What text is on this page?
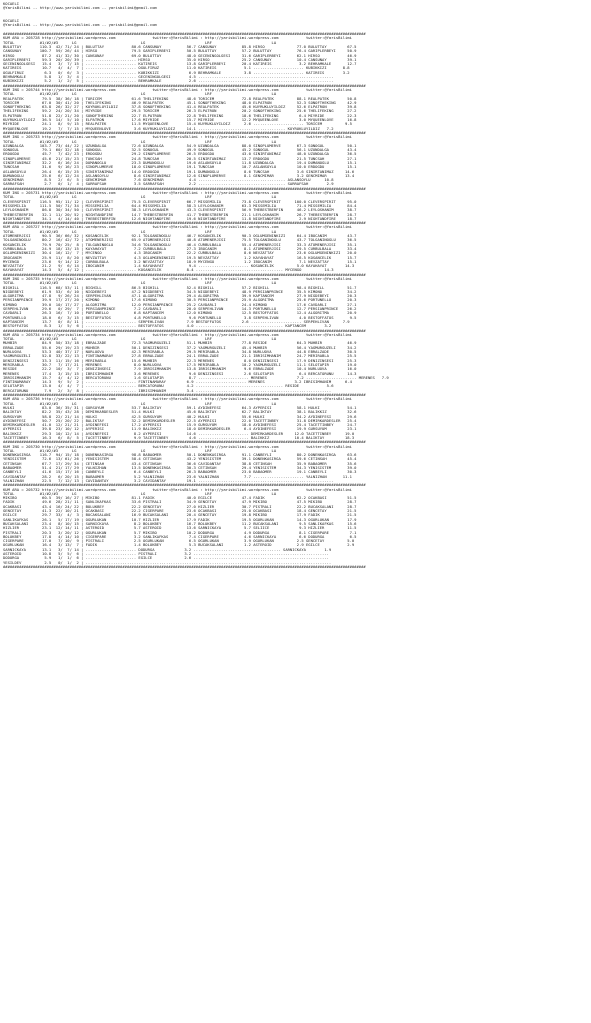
KOCAELI
@YarisBilimi -- http://www.yarisbilimi.com -- yarisbilimi@gmail.com

KOCAELI
@YarisBilimi -- http://www.yarisbilimi.com -- yarisbilimi@gmail.com

##############################################################################################################################################################
KUM ARA = 205728 http://yarisbilimi.wordpress.com                twitter:@YarisBilimi : http://yarisbilimi.wordpress.com            twitter:@YarisBilimi
TOTAL           #1/#2/#3      LG                            LG                          LRF                          LA
BULUTTAY        110.3  42/ 71/ 24 | BULUTTAY            80.6 CANSUNAY           56.7 CANSUNAY           85.8 HIRSO              77.0 BULUTTAY         67.5
CANSUNAY        100.7  59/ 26/ 44 | HIRSO               79.5 GARIPLERBEYI       50.5 BULUTTAY           57.2 BULUTTAY           76.4 GARIPLERBEYI     50.9
HIRSO            87.2  41/ 32/ 30 | CANSUNAY            69.0 BULUTTAY           48.0 GECENINGOLGESI     31.6 GARIPLERBEYI       62.1 HIRSO            46.9
GARIPLERBEYI     59.3  20/ 20/ 39 | ...................... HIRSO                35.0 HIRSO              25.2 CANSUNAY           10.4 CANSUNAY         39.1
GECENINGOLGESI   15.4   3/  7/ 15 | ...................... KATIREIS             13.8 GARIPLERBEYI       20.4 KATIREIS            3.2 BEHRAMKALE       12.7
KATIREIS         10.7   4/  4/  7 | ...................... OGULFIRUZ            11.0 KATIREIS            5.1 ...................... KUBIKKIZI       8.8
OGULFIRUZ         6.3   0/  6/  3 | ...................... KUBIKKIZI             6.9 BEHRAMKALE          3.8 ...................... KATIREIS        3.2
BEHRAMKALE        5.8   1/  3/  4 | ...................... GECENINGOLGESI        4.5 ...........................................................
KUBIKKIZI         5.2   1/  2/  5 | ...................... BEHRAMKALE            2.6 ...........................................................
##############################################################################################################################################################
KUM ING = 205744 http://yarisbilimi.wordpress.com                twitter:@YarisBilimi : http://yarisbilimi.wordpress.com            twitter:@YarisBilimi
TOTAL           #1/#2/#3      LG                            LG                          LRF                          LA
REALPATEK        79.5  38/ 36/ 18 | TORICEM             61.6 THELIFEKING        48.6 TORICEM            72.8 REALPATEK          88.1 REALPATEK        50.8
TORICEM          67.0  30/ 41/ 20 | THELIFEKING         46.9 REALPATEK          45.1 SONOFTHEKING       48.0 ELPATRON           52.3 SONOFTHEKING     42.9
SONOFTHEKING     63.8  26/ 32/ 27 | KUYRUKLUYILDIZ      37.8 SONOFTHEKING       41.4 REALPATEK          45.6 KUYRUKLUYILDIZ     52.6 ELPATRON         39.8
THELIFEKING      59.2  24/ 20/ 34 | MIYRIDE             29.5 TORICEM            26.3 ELPATRON           20.2 SONOFTHEKING       25.6 THELIFEKING      27.2
ELPATRON         51.8  22/ 21/ 20 | SONOFTHEKING        22.7 ELPATRON           22.8 THELIFEKING        18.6 THELIFEKING         6.4 MIYRIDE          22.3
KUYRUKLUYILDIZ   36.5  14/  5/ 10 | ELPATRON            17.6 MIYRIDE            15.7 MIYRIDE            12.2 MYQUEENLOVE         3.0 MYQUEENLOVE      16.8
MIYRIDE          24.1   8/  9/ 15 | REALPATEK           11.5 MYQUEENLOVE        15.4 KUYRUKLUYILDIZ      2.6 ...................... TORICEM          9.5
MYQUEENLOVE      19.2   7/  7/ 15 | MYQUEENLOVE          3.6 KUYRUKLUYILDIZ     14.1 ...................................... KUYRUKLUYILDIZ   7.2
##############################################################################################################################################################
KUM ING = 205733 http://yarisbilimi.wordpress.com                twitter:@YarisBilimi : http://yarisbilimi.wordpress.com            twitter:@YarisBilimi
TOTAL           #1/#2/#3      LG                            LG                          LRF                          LA
UZUNDALGA       103.7  73/ 44/ 22 | UZUNDALGA           72.6 UZUNDALGA          54.9 UZUNDALGA          88.0 SINOPLUMERVE       67.3 SONOGUL          50.1
SONOGUL          79.1  60/ 32/ 18 | SONOGUL             32.5 SONOGUL            49.9 SONOGUL            45.2 SONOGUL            56.1 UZUNDALGA        43.4
ERDOGDU          45.7   7/ 42/ 23 | ERDOGDU             29.2 SINOPLUMERVE       26.5 ERDOGDU            43.0 SINIRTANIMAZ       48.0 UZUNDALGA        36.5
SINOPLUMERVE     45.6  21/ 15/ 23 | TUNCSAH             24.8 TUNCSAH            20.5 SINIRTANIMAZ       13.7 ERDOGDU            21.5 TUNCSAH          27.1
SINIRTANIMAZ     32.2   6/ 16/ 24 | DUMANOGLU           23.3 DUMANOGLU          19.6 ASLANSOYLU         11.8 UZUNDALGA          19.4 DUMANOGLU        15.1
TUNCSAH          31.6   9/ 16/ 23 | SINOPLUMERVE        18.0 SINOPLUMERVE       19.1 TUNCSAH            10.7 ASLANSOYLU         10.0 ERDOGDU          15.1
ASLANSOYLU       26.4   6/ 15/ 25 | SINIRTANIMAZ        14.0 ERDOGDU            19.1 DUMANOGLU           8.6 TUNCSAH            3.6 SINIRTANIMAZ     14.6
DUMANOGLU        25.6   6/ 12/ 24 | ASLANSOYLU           8.6 SINIRTANIMAZ       12.6 SINOPLUMERVE        8.1 GENCMIMAR          3.2 GENCMIMAR        13.4
GENCMIMAR         8.5   2/  6/  5 | GENCMIMAR            7.6 GENCMIMAR           4.4 ...................................... ASLANSOYLU      10.8
SARRAFSAH         2.7   0/  1/  4 | SARRAFSAH            3.5 SARRAFSAH           2.2 ...................................... SARRAFSAH        2.9
##############################################################################################################################################################
KUM ING = 205731 http://yarisbilimi.wordpress.com                twitter:@YarisBilimi : http://yarisbilimi.wordpress.com            twitter:@YarisBilimi
TOTAL           #1/#2/#3      LG                            LG                          LRF                          LA
CLEVERSPIRIT    116.5  95/ 11/ 12 | CLEVERSPIRIT        75.5 CLEVERSPIRIT       66.7 MISSEMILIA         73.8 CLEVERSPIRIT      100.0 CLEVERSPIRIT     95.0
MISSEMILIA      111.5  50/ 71/ 34 | MISSEMILIA          64.4 MISSEMILIA         58.3 LEYLOSHANIM        63.3 MISSEMILIA         71.4 MISSEMILIA       84.4
LEYLOSHANIM      86.8  30/ 34/ 50 | CLEVERSPIRIT        38.3 LEYLOSHANIM        43.3 CLEVERSPIRIT       56.9 THEBESTBERFIN      46.2 LEYLOSHANIM      38.7
THEBESTBERFIN    32.1  11/ 20/ 52 | NIGHTANDFIRE        14.7 THEBESTBERFIN      41.7 THEBESTBERFIN      21.1 LEYLOSHANIM        26.7 THEBESTBERFIN    28.7
NIGHTANDFIRE     34.1   4/ 14/ 40 | THEBESTBERFIN       12.6 NIGHTANDFIRE       19.6 NIGHTANDFIRE       11.8 NIGHTANDFIRE        2.9 NIGHTANDFIRE     18.7
##############################################################################################################################################################
KUM ARA = 205727 http://yarisbilimi.wordpress.com                twitter:@YarisBilimi : http://yarisbilimi.wordpress.com            twitter:@YarisBilimi
TOTAL           #1/#2/#3      LG                            LG                          LRF                          LA
ATOMENERJISI     90.5  36/ 66/ 32 | KOSANCELIK          92.1 TOLGANINOGLU       46.7 KOSANCELIK         90.3 OGLUMGENINKIZI     64.4 IBOCANIM         43.7
TOLGANINOGLU     80.2  16/ 42/ 72 | ATOMENERJISI        65.9 ATOMENERJISI       40.8 ATOMENERJISI       75.5 TOLGANINOGLU       43.7 TOLGANINOGLU     36.5
KOSANCELIK       79.9  70/ 25/  8 | TOLGANINOGLU        34.6 TOLGANINOGLU       46.4 CURBULBALA         55.4 ATOMENERJISI       33.3 ATOMENERJISI     35.1
CURBULBALA       24.9  18/ 13/ 15 | KAYAHAYAT            7.2 CURBULBALA         27.3 IBOCANIM            8.1 ATOMENERJISI       29.5 CURBULBALA       33.4
OGLUMGENINKIZI   30.4  16/ 12/  7 | MYCENGO              4.3 IBOCANIM           22.2 CURBULBALA          8.6 NEVZATTAY          23.6 OGLUMGENINKIZI   20.0
IBOCANIM         25.9  11/  8/ 20 | NEVZATTAY            4.3 OGLUMGENINKIZI     19.5 NEVZATTAY           1.2 KAYAHAYAT          16.5 KOSANCELIK       15.7
MYCENGO          23.6   9/ 14/ 12 | CURBULBALA           3.2 NEVZATTAY          18.9 MYCENGO             1.2 IBOCANIM            7.1 NEVZATTAY        15.1
NEVZATTAY        21.2   9/  6/ 14 | IBOCANIM             1.4 KAYAHAYAT           9.4 ...................... KOSANCELIK          5.0 KAYAHAYAT        14.3
KAYAHAYAT        14.3   5/  4/ 12 | ...................... KOSANCELIK           8.4 ...................................... MYCENGO          14.3
##############################################################################################################################################################
KUM ING = 205735 http://yarisbilimi.wordpress.com                twitter:@YarisBilimi : http://yarisbilimi.wordpress.com            twitter:@YarisBilimi
TOTAL           #1/#2/#3      LG                            LG                          LRF                          LA
BIGHILL         116.5  68/ 53/ 11 | BIGHILL             86.5 BIGHILL            52.4 BIGHILL            57.2 BIGHILL            98.4 BIGHILL          51.7
NIGDEBEYI        61.9  53/  6/ 10 | NIGDEBEYI           47.2 NIGDEBEYI          34.5 NIGDEBEYI          48.9 PERSIANPRINCE      35.5 KIMONO           34.2
ALGORITMA        47.8   9/ 26/ 24 | SERPEHLIVAN         47.1 ALGORITMA          29.4 ALGORITMA          39.9 KAPTANCEM          27.9 NIGDEBEYI        20.3
PERSIANPRINCE    39.9  17/ 27/ 20 | KIMONO              17.6 KIMONO             30.5 PERSIANPRINCE      25.9 ALGORITMA          25.6 PORTUNELLO       20.3
KIMONO           39.0  10/ 17/ 27 | ALGORITMA           12.0 PERSIANPRINCE      25.2 CAVDARLI           24.4 KIMONO             17.6 CAVDARLI         27.1
SERPEHLIVAN      29.6   0/ 29/  7 | PERSIANPRINCE        7.2 CAVDARLI           20.0 SERPEHLIVAN        14.3 PORTUNELLO         12.7 PERSIANPRINCE    26.2
CAVDARLI         26.3  16/  7/ 10 | PORTUNELLO           6.8 KAPTANCEM          12.0 KIMONO             12.5 BESTOFFATOS        12.4 ALGORITMA        20.9
PORTUNELLO       18.0   6/  3/ 15 | BESTOFFATOS          4.8 PORTUNELLO          9.6 PORTUNELLO          3.8 SERPEHLIVAN         4.0 BESTOFFATOS       9.5
KAPTANCEM        13.7   0/  8/ 11 | ...................... SERPEHLIVAN          7.9 BESTOFFATOS         2.6 ...................... SERPEHLIVAN      7.9
BESTOFFATOS       8.3   1/  5/  6 | ...................... BESTOFFATOS          4.0 ...................................... KAPTANCEM        3.2
##############################################################################################################################################################
KUM ARA = 205734 http://yarisbilimi.wordpress.com                twitter:@YarisBilimi : http://yarisbilimi.wordpress.com            twitter:@YarisBilimi
TOTAL           #1/#2/#3      LG                            LG                          LRF                          LA
MUHBIR           84.9  50/ 33/ 18 | EBRALZADE           72.3 YAGMURGUZELI       51.1 MUHBIR             77.8 RESIDE             64.3 MUHBIR           46.9
EBRALZADE        55.6  29/ 19/ 23 | MUHBIR              50.1 DENIZINSESI        37.2 YAGMURGUZELI       45.4 MUHBIR             56.4 YAGMURGUZELI     34.2
NURLUOVA         53.3  40/ 37/ 17 | NURLUOVA            42.3 MERIRABLA          29.5 MERIRABLA          34.8 NURLUOVA           44.8 EBRALZADE        30.5
YAGMURGUZELI     52.8  33/ 22/ 13 | FINTINAMARAY        27.8 EBRALZADE          24.1 EBRALZADE          21.1 IBRISIMHANIM       24.7 MERIRABLA        25.5
DENIZINSESI      33.3  11/ 15/ 16 | MERIRABLA           15.6 MUHBIR             22.3 MERENES             8.0 DENIZINSESI        17.9 DENIZINSESI      25.3
MERIRABLA        30.7   7/ 17/ 21 | MERENES              8.0 NURLUOVA           17.5 MERIRABLA          10.2 YAGMURGUZELI       11.1 SELOTAPIR        19.0
RESIDE           22.2  10/  3/  7 | DENIZINSESI          7.9 IBRISIMHANIM       13.8 IBRISIMHANIM        9.6 EBRALZADE          10.4 NURLUOVA         16.0
MERENES          17.4   3/ 15/ 15 | IBRISIMHANIM         3.6 MERENES             9.6 DENIZINSESI         2.6 SELOTAPIR           6.4 BERCATORUNU      14.3
IBRISIMHANIM     15.7   4/  4/ 12 | BERCATORUNU          1.6 SELOTAPIR           8.7 ...................... MERENES             7.2 ...................... MERENES   7.9
FINTINAMARAY     14.3   9/  5/  2 | ...................... FINTINAMARAY         6.9 ...................... MERENES             3.2 IBRISIMHANIM      6.4
SELOTAPIR        13.0   4/  4/  7 | ...................... BERCATORUNU          4.2 ...................................... RESIDE            5.6
BERCATORUNU       7.9   2/  3/  8 | ...................... IBRISIMHANIM         3.4 ...........................................................
##############################################################################################################################################################
KUM ARA = 205736 http://yarisbilimi.wordpress.com                twitter:@YarisBilimi : http://yarisbilimi.wordpress.com            twitter:@YarisBilimi
TOTAL           #1/#2/#3      LG                            LG                          LRF                          LA
HULKI            83.0  36/ 35/ 31 | GURSUYUM            53.7 BALIKTAY           59.1 AYDINEFESI         64.3 AYPERISI           58.1 HULKI            54.1
BALIKTAY         82.2  35/ 43/ 28 | DEMIRKARDESLER      51.4 HULKI              45.6 BALIKTAY           62.7 BALIKTAY           38.1 BALIKKIZ         32.6
GURSUYUM         58.8  22/ 21/ 14 | HULKI               42.5 GURSUYUM           40.2 HULKI              55.6 HULKI              34.2 AYDINEFESI       29.6
AYDINEFESI       50.7  25/ 20/ 22 | BALIKTAY            32.2 DEMIRKARDESLER     22.5 AYPERISI           22.0 TACETTINBEY        31.8 DEMIRKARDESLER   25.4
DEMIRKARDESLER   41.0  12/ 21/ 21 | AYDINEFESI          17.2 AYPERISI           15.9 GURSUYUM           18.0 AYDINEFESI         25.4 TACETTINBEY      24.7
AYPERISI         39.8  23/ 10/ 12 | AYPERISI            11.9 BALIKKIZ           18.0 DEMIRKARDESLER      6.4 AYDINEFESI         19.9 GURSUYUM         23.1
BALIKKIZ         29.3  10/ 12/ 14 | AYDINEFESI           8.2 AYPERISI           14.6 ...................... DEMIRKARDESLER     12.0 TACETTINBEY      19.0
TACETTINBEY      16.3   6/  8/  5 | TACETTINBEY          9.9 TACETTINBEY         4.6 ...................... BALIKKIZ           10.4 BALIKTAY         18.3
##############################################################################################################################################################
KUM ING = 205730 http://yarisbilimi.wordpress.com                twitter:@YarisBilimi : http://yarisbilimi.wordpress.com            twitter:@YarisBilimi
TOTAL           #1/#2/#3      LG                            LG                          LRF                          LA
DONENKASIRGA    116.7  94/ 15/ 18 | DONENKASIRGA        98.8 BABAOMER           50.1 DONENKASIRGA       91.1 CANBEYLI           80.2 DONENKASIRGA     63.6
YENISISTEM       72.6  13/ 61/ 26 | YENISISTEM          58.4 CETINSAH           43.2 YENISISTEM         39.1 DONENKASIRGA       59.6 CETINSAH         45.4
CETINSAH         67.7  17/ 29/ 34 | CETINSAH            43.4 CETINSAH           36.6 CAVIDANTAY         38.8 CETINSAH           35.9 BABAOMER         35.6
BABAOMER         51.4  21/ 17/ 29 | YALNIZHAN           13.5 DONENKASIRGA       30.3 CETINSAH           29.4 YENISISTEM         34.3 YENISISTEM       39.0
CANBEYLI         41.6  15/ 17/ 16 | CANBEYLI             6.4 CANBEYLI           26.3 BABAOMER           23.0 BABAOMER           19.1 CANBEYLI         30.3
CAVIDANTAY       28.2   6/ 20/ 15 | BABAOMER             5.2 YALNIZHAN          23.6 YALNIZHAN           7.7 ...................... YALNIZHAN       11.1
YALNIZHAN        22.5   7/ 12/ 13 | CAVIDANTAY           3.2 CAVIDANTAY         19.1 ...........................................................
##############################################################################################################################################################
KUM ARA = 205732 http://yarisbilimi.wordpress.com                twitter:@YarisBilimi : http://yarisbilimi.wordpress.com            twitter:@YarisBilimi
TOTAL           #1/#2/#3      LG                            LG                          LRF                          LA
MIKIBO           60.5  39/ 16/ 27 | MIKIBO              81.1 FADIK              40.0 EGILCE             47.4 FADIK              62.2 OCAKBASI         51.5
FADIK            49.6  28/ 21/ 11 | SANLIKAFKAS         33.6 PISTRALI           34.9 GENCETAY           47.9 MIKIBO             47.5 MIKIBO           28.7
OCAKBASI         43.4  16/ 24/ 22 | BOLUKBEY            22.2 GENCETAY           27.0 HIZLIER            30.7 PISTRALI           22.2 BUCAKSALANI      28.7
GENCETAY         41.3  22/ 10/ 21 | OCAKBASI            22.2 CIGERPARE          23.6 OCAKBASI           25.0 OCAKBASI           18.4 GENCETAY         21.5
EGILCE           29.7  33/  4/  3 | BUCAKSALANI         16.9 BUCAKSALANI        20.4 GENCETAY           19.8 MIKIBO             17.9 FADIK            21.5
SANLIKAFKAS      26.1   5/ 17/ 19 | OGURLUKAN           10.7 HIZLIER            17.9 FADIK              19.5 OGURLUKAN          14.3 OGURLUKAN        17.9
BUCAKSALANI      23.4   8/ 10/ 15 | SARNICKAYA           8.2 BOLUKBEY           16.7 BOLUKBEY           11.2 BUCAKSALANI         9.5 SANLIKAFKAS      15.6
HIZLIER          23.1  12/ 14/ 11 | ASTEROID             5.7 ASTEROID           13.6 SARNICKAYA          5.7 SELIICE             9.3 HIZLIER          11.5
PISTRALI         20.3   3/ 20/ 12 | OGURLUKAN            5.7 MIKIBO             10.2 DODURGA             4.9 DODURGA             8.1 CIGERPARE         7.1
BOLUKBEY         17.8   4/ 14/ 10 | CIGERPARE            3.2 SANLIKAFKAS         7.4 CIGERPARE           4.6 SARNICKAYA          6.6 DODURGA           6.5
CIGERPARE        17.0   7/ 10/  9 | PISTRALI             2.5 OGURLUKAN           6.5 OGURLUKAN           3.9 OGURLUKAN          2.5 GENCETAY          5.0
OGURLUKAN        16.4   3/ 13/  7 | FADIK                1.4 BOLUKBEY            5.3 BUCAKSALANI         1.2 ASTEROID           2.9 EGILCE            2.9
SARNICKAYA       13.1   3/  7/ 14 | ...................... DODURGA             3.2 ...................................... SARNICKAYA        1.9
ASTEROID         10.8   5/  5/  6 | ...................... PISTRALI            3.2 ...........................................................
DODURGA           5.9   1/  1/  6 | ...................... EGILCE              2.6 ...........................................................
YESILDEV          2.5   0/  1/  2 | ...........................................................................................................
##############################################################################################################################################################
